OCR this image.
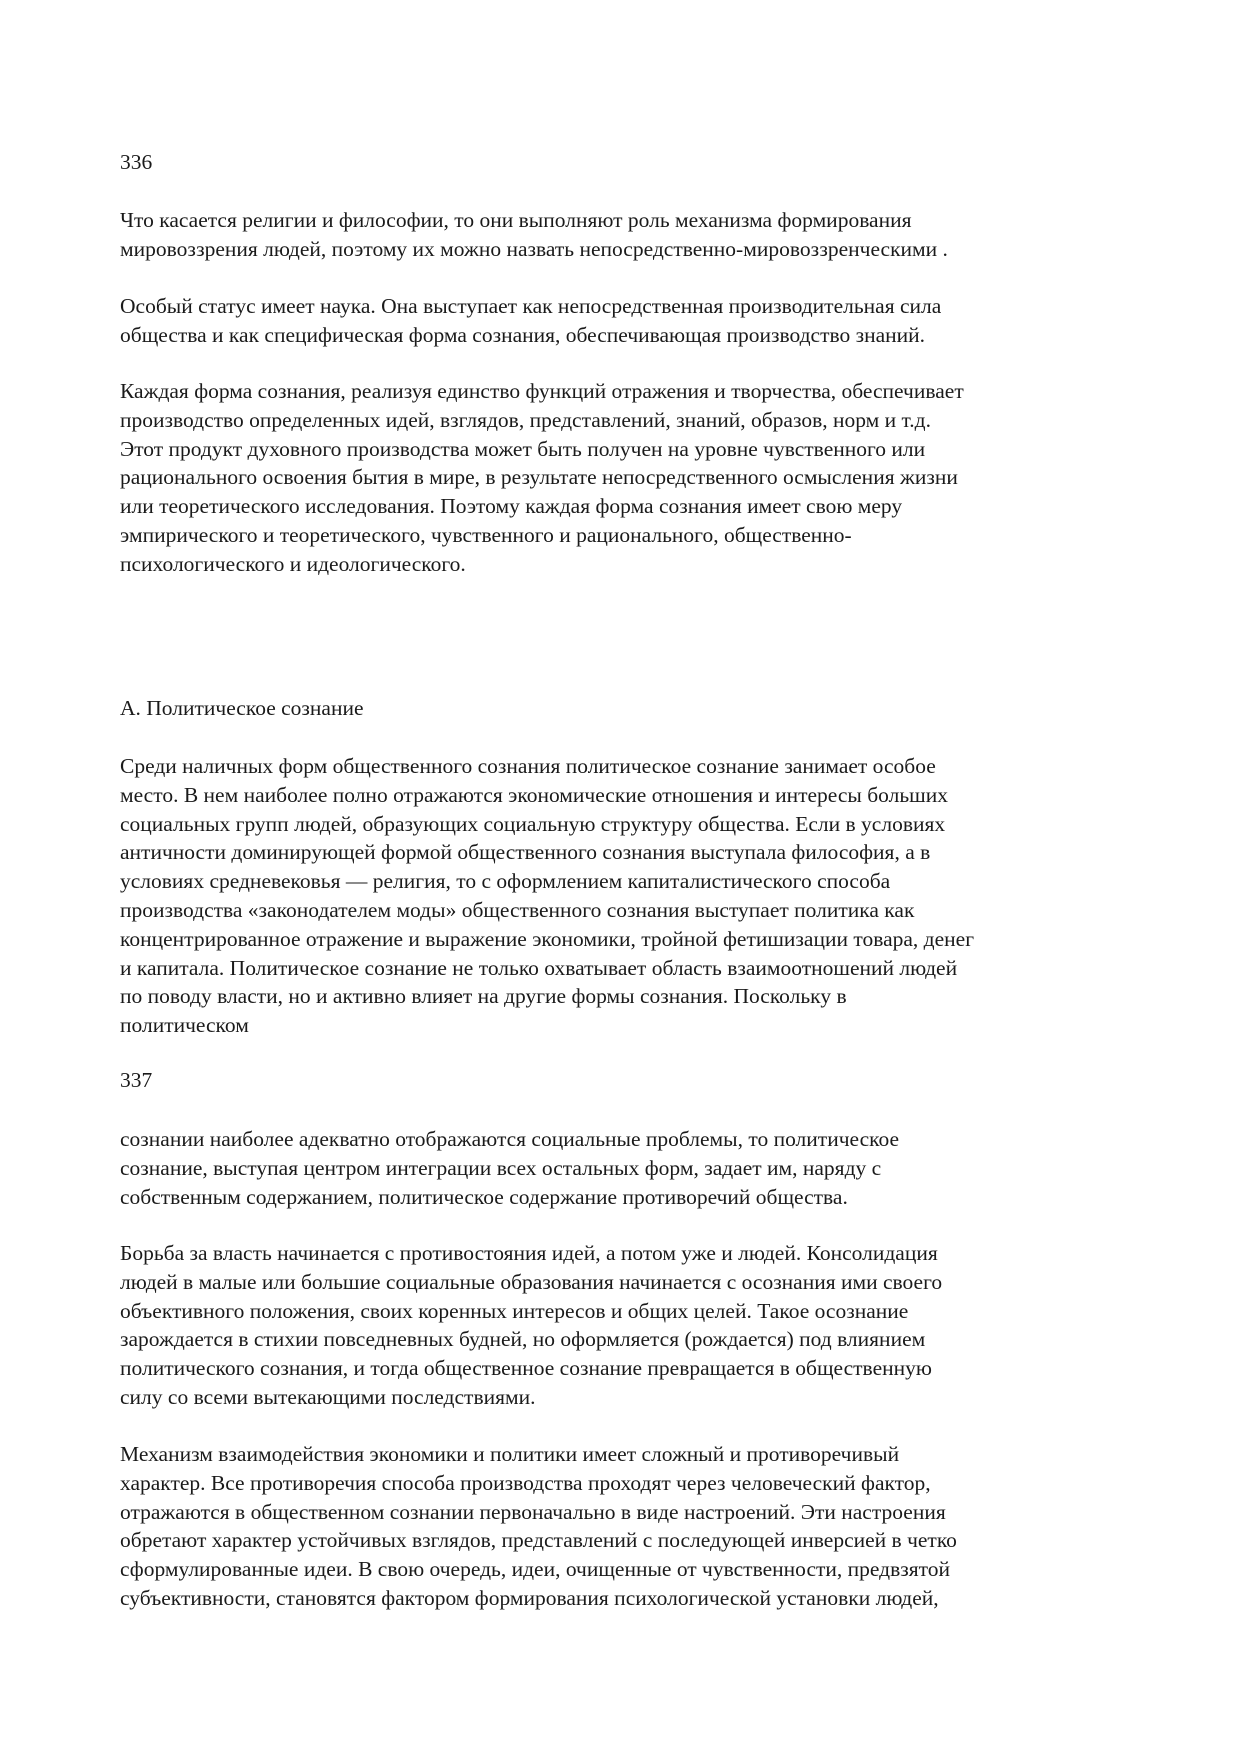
336

Что касается религии и философии, то они выполняют роль механизма формирования
мировоззрения людей, поэтому их можно назвать непосредственно-мировоззренческими .

Особый статус имеет наука. Она выступает как непосредственная производительная сила
общества и как специфическая форма сознания, обеспечивающая производство знаний.

Каждая форма сознания, реализуя единство функций отражения и творчества, обеспечивает
производство определенных идей, взглядов, представлений, знаний, образов, норм и т.д.
Этот продукт духовного производства может быть получен на уровне чувственного или
рационального освоения бытия в мире, в результате непосредственного осмысления жизни
или теоретического исследования. Поэтому каждая форма сознания имеет свою меру
эмпирического и теоретического, чувственного и рационального, общественно-
психологического и идеологического.

А. Политическое сознание

Среди наличных форм общественного сознания политическое сознание занимает особое
место. В нем наиболее полно отражаются экономические отношения и интересы больших
социальных групп людей, образующих социальную структуру общества. Если в условиях
античности доминирующей формой общественного сознания выступала философия, а в
условиях средневековья — религия, то с оформлением капиталистического способа
производства «законодателем моды» общественного сознания выступает политика как
концентрированное отражение и выражение экономики, тройной фетишизации товара, денег
и капитала. Политическое сознание не только охватывает область взаимоотношений людей
по поводу власти, но и активно влияет на другие формы сознания. Поскольку в
политическом

337

сознании наиболее адекватно отображаются социальные проблемы, то политическое
сознание, выступая центром интеграции всех остальных форм, задает им, наряду с
собственным содержанием, политическое содержание противоречий общества.

Борьба за власть начинается с противостояния идей, а потом уже и людей. Консолидация
людей в малые или большие социальные образования начинается с осознания ими своего
объективного положения, своих коренных интересов и общих целей. Такое осознание
зарождается в стихии повседневных будней, но оформляется (рождается) под влиянием
политического сознания, и тогда общественное сознание превращается в общественную
силу со всеми вытекающими последствиями.

Механизм взаимодействия экономики и политики имеет сложный и противоречивый
характер. Все противоречия способа производства проходят через человеческий фактор,
отражаются в общественном сознании первоначально в виде настроений. Эти настроения
обретают характер устойчивых взглядов, представлений с последующей инверсией в четко
сформулированные идеи. В свою очередь, идеи, очищенные от чувственности, предвзятой
субъективности, становятся фактором формирования психологической установки людей,
